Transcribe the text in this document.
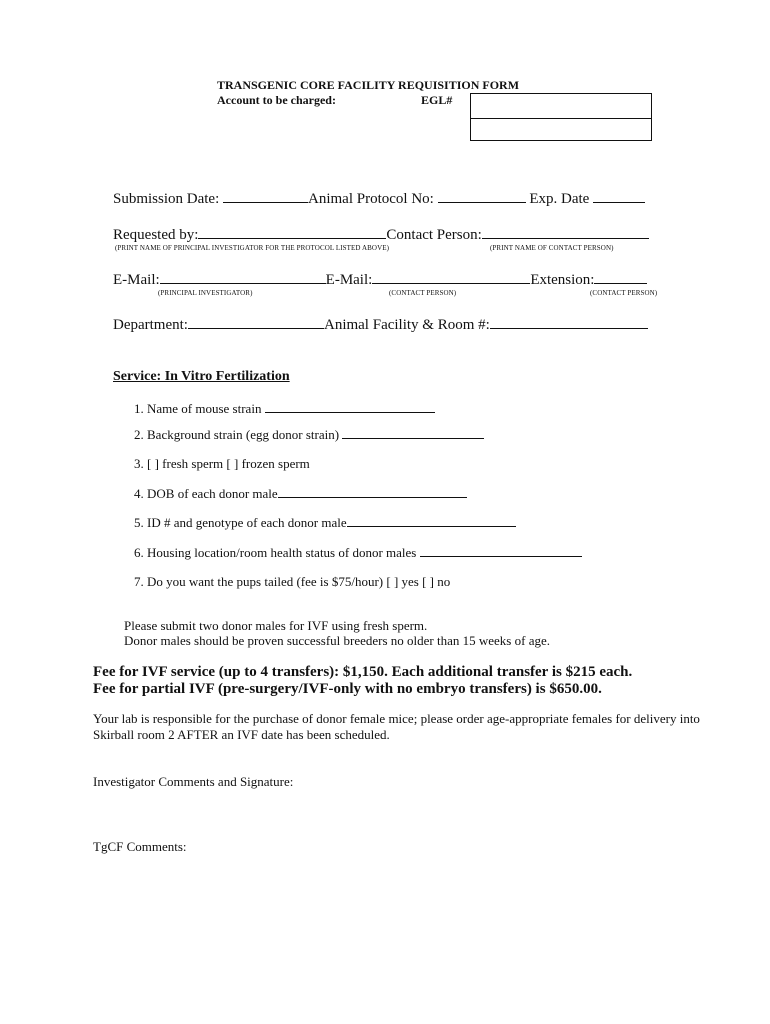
TRANSGENIC CORE FACILITY REQUISITION FORM
Account to be charged:	EGL#
Submission Date:	Animal Protocol No:	Exp. Date
Requested by:	Contact Person:
(PRINT NAME OF PRINCIPAL INVESTIGATOR FOR THE PROTOCOL LISTED ABOVE)	(PRINT NAME OF CONTACT PERSON)
E-Mail:	E-Mail:	Extension:
(PRINCIPAL INVESTIGATOR)	(CONTACT PERSON)	(CONTACT PERSON)
Department:	Animal Facility & Room #:
Service: In Vitro Fertilization
1. Name of mouse strain
2. Background strain (egg donor strain)
3. [ ] fresh sperm [ ] frozen sperm
4. DOB of each donor male
5. ID # and genotype of each donor male
6. Housing location/room health status of donor males
7. Do you want the pups tailed (fee is $75/hour) [ ] yes [ ] no
Please submit two donor males for IVF using fresh sperm.
Donor males should be proven successful breeders no older than 15 weeks of age.
Fee for IVF service (up to 4 transfers): $1,150. Each additional transfer is $215 each.
Fee for partial IVF (pre-surgery/IVF-only with no embryo transfers) is $650.00.
Your lab is responsible for the purchase of donor female mice; please order age-appropriate females for delivery into
Skirball room 2 AFTER an IVF date has been scheduled.
Investigator Comments and Signature:
TgCF Comments:
